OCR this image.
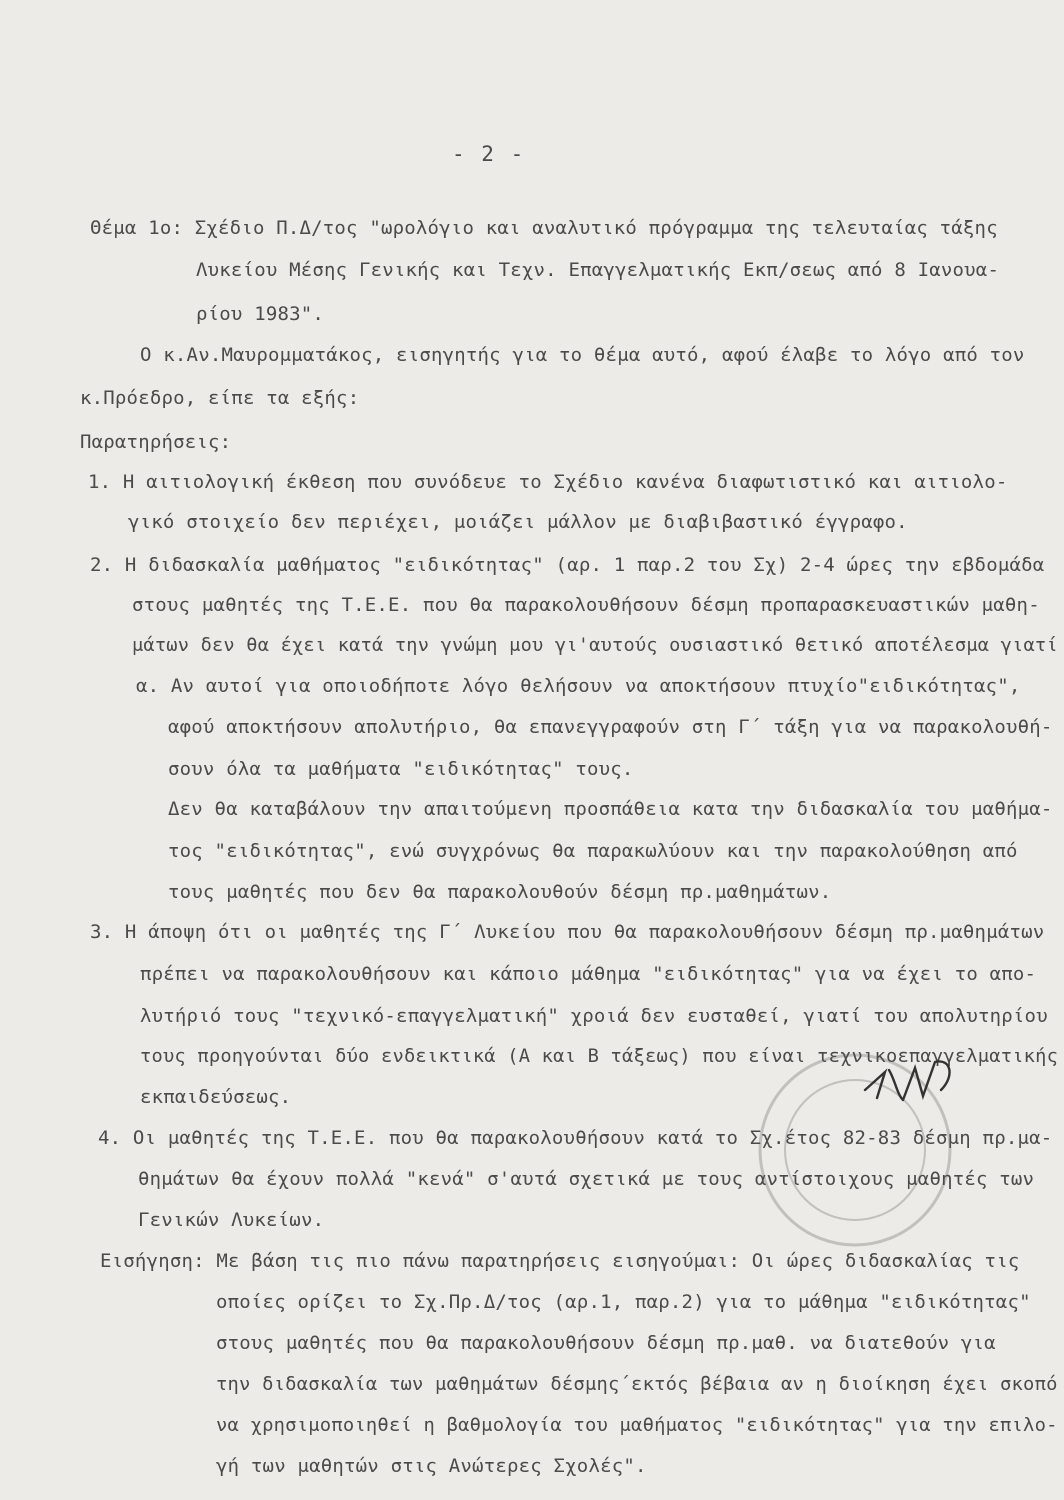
- 2 -
Θέμα 1ο: Σχέδιο Π.Δ/τος "ωρολόγιο και αναλυτικό πρόγραμμα της τελευταίας τάξης
Λυκείου Μέσης Γενικής και Τεχν. Επαγγελματικής Εκπ/σεως από 8 Ιανουα-
ρίου 1983".
Ο κ.Αν.Μαυρομματάκος, εισηγητής για το θέμα αυτό, αφού έλαβε το λόγο από τον
κ.Πρόεδρο, είπε τα εξής:
Παρατηρήσεις:
1. Η αιτιολογική έκθεση που συνόδευε το Σχέδιο κανένα διαφωτιστικό και αιτιολο-
γικό στοιχείο δεν περιέχει, μοιάζει μάλλον με διαβιβαστικό έγγραφο.
2. Η διδασκαλία μαθήματος "ειδικότητας" (αρ. 1 παρ.2 του Σχ) 2-4 ώρες την εβδομάδα
στους μαθητές της Τ.Ε.Ε. που θα παρακολουθήσουν δέσμη προπαρασκευαστικών μαθη-
μάτων δεν θα έχει κατά την γνώμη μου γι'αυτούς ουσιαστικό θετικό αποτέλεσμα γιατί
α. Αν αυτοί για οποιοδήποτε λόγο θελήσουν να αποκτήσουν πτυχίο"ειδικότητας",
αφού αποκτήσουν απολυτήριο, θα επανεγγραφούν στη Γ΄ τάξη για να παρακολουθή-
σουν όλα τα μαθήματα "ειδικότητας" τους.
Δεν θα καταβάλουν την απαιτούμενη προσπάθεια κατα την διδασκαλία του μαθήμα-
τος "ειδικότητας", ενώ συγχρόνως θα παρακωλύουν και την παρακολούθηση από
τους μαθητές που δεν θα παρακολουθούν δέσμη πρ.μαθημάτων.
3. Η άποψη ότι οι μαθητές της Γ΄ Λυκείου που θα παρακολουθήσουν δέσμη πρ.μαθημάτων
πρέπει να παρακολουθήσουν και κάποιο μάθημα "ειδικότητας" για να έχει το απο-
λυτήριό τους "τεχνικό-επαγγελματική" χροιά δεν ευσταθεί, γιατί του απολυτηρίου
τους προηγούνται δύο ενδεικτικά (Α και Β τάξεως) που είναι τεχνικοεπαγγελματικής
εκπαιδεύσεως.
4. Οι μαθητές της Τ.Ε.Ε. που θα παρακολουθήσουν κατά το Σχ.έτος 82-83 δέσμη πρ.μα-
θημάτων θα έχουν πολλά "κενά" σ'αυτά σχετικά με τους αντίστοιχους μαθητές των
Γενικών Λυκείων.
Εισήγηση: Με βάση τις πιο πάνω παρατηρήσεις εισηγούμαι: Οι ώρες διδασκαλίας τις
οποίες ορίζει το Σχ.Πρ.Δ/τος (αρ.1, παρ.2) για το μάθημα "ειδικότητας"
στους μαθητές που θα παρακολουθήσουν δέσμη πρ.μαθ. να διατεθούν για
την διδασκαλία των μαθημάτων δέσμης΄εκτός βέβαια αν η διοίκηση έχει σκοπό
να χρησιμοποιηθεί η βαθμολογία του μαθήματος "ειδικότητας" για την επιλο-
γή των μαθητών στις Ανώτερες Σχολές".
